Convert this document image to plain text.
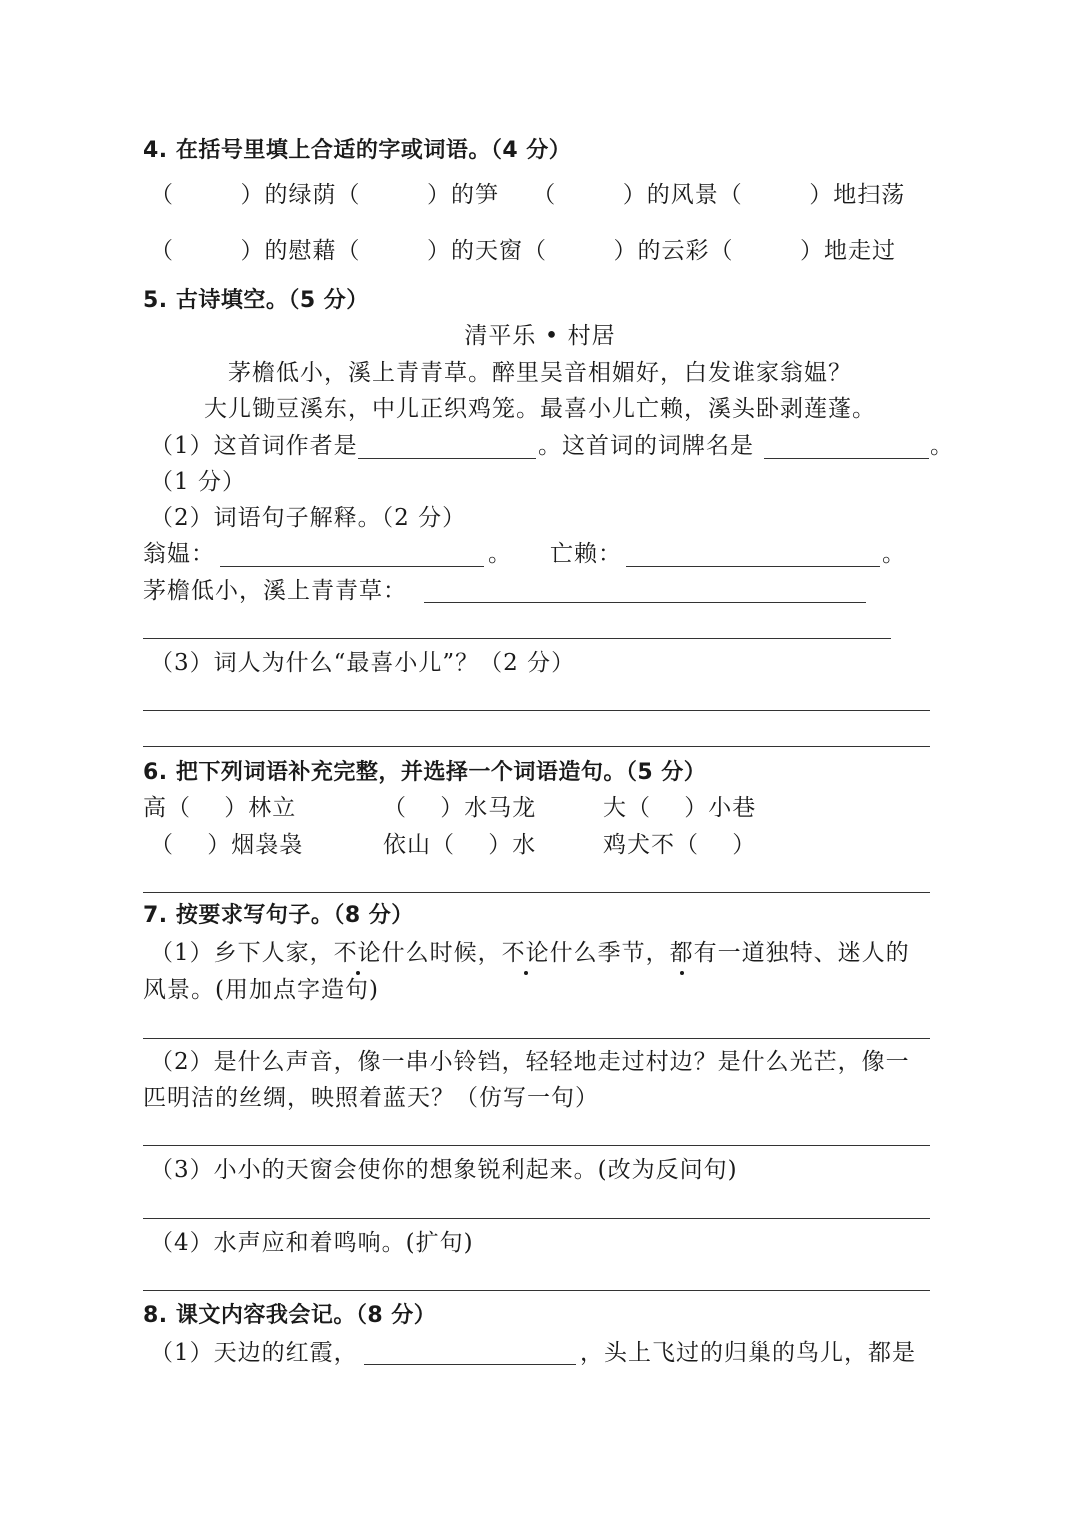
4. 在括号里填上合适的字或词语。（4 分）
（        ）的绿荫（        ）的笋    （        ）的风景（        ）地扫荡
（        ）的慰藉（        ）的天窗（        ）的云彩（        ）地走过
5. 古诗填空。（5 分）
清平乐 • 村居
茅檐低小，溪上青青草。醉里吴音相媚好，白发谁家翁媪？
大儿锄豆溪东，中儿正织鸡笼。最喜小儿亡赖，溪头卧剥莲蓬。
（1）这首词作者是	。这首词的词牌名是	。
（1 分）
（2）词语句子解释。（2 分）
翁媪：	。 亡赖：	。
茅檐低小，溪上青青草：
（3）词人为什么“最喜小儿”？（2 分）
6. 把下列词语补充完整，并选择一个词语造句。（5 分）
高（    ）林立	（    ）水马龙	大（    ）小巷
（    ）烟袅袅	依山（    ）水	鸡犬不（    ）
7. 按要求写句子。（8 分）
（1）乡下人家，不论什么时候，不论什么季节，都有一道独特、迷人的
风景。(用加点字造句)
（2）是什么声音，像一串小铃铛，轻轻地走过村边？是什么光芒，像一
匹明洁的丝绸，映照着蓝天？（仿写一句）
（3）小小的天窗会使你的想象锐利起来。(改为反问句)
（4）水声应和着鸣响。(扩句)
8. 课文内容我会记。（8 分）
（1）天边的红霞，	，头上飞过的归巢的鸟儿，都是
